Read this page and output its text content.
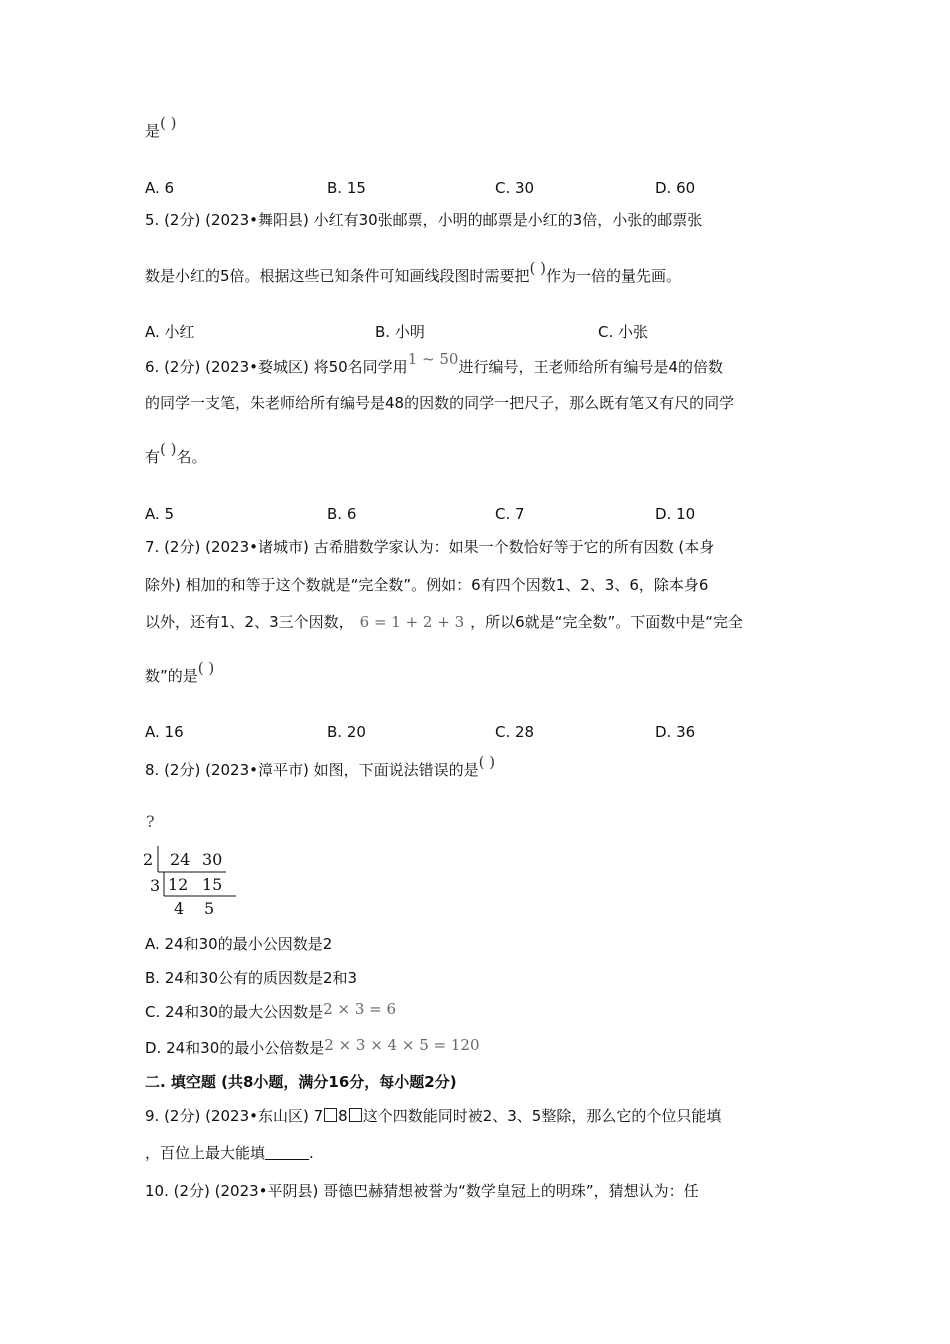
是( )
A. 6	B. 15	C. 30	D. 60
5. (2分) (2023•舞阳县) 小红有30张邮票，小明的邮票是小红的3倍，小张的邮票张
数是小红的5倍。根据这些已知条件可知画线段图时需要把( )作为一倍的量先画。
A. 小红	B. 小明	C. 小张
6. (2分) (2023•婺城区) 将50名同学用1 ~ 50进行编号，王老师给所有编号是4的倍数
的同学一支笔，朱老师给所有编号是48的因数的同学一把尺子，那么既有笔又有尺的同学
有( )名。
A. 5	B. 6	C. 7	D. 10
7. (2分) (2023•诸城市) 古希腊数学家认为：如果一个数恰好等于它的所有因数 (本身
除外) 相加的和等于这个数就是“完全数”。例如：6有四个因数1、2、3、6，除本身6
以外，还有1、2、3三个因数， 6 = 1 + 2 + 3 ，所以6就是“完全数”。下面数中是“完全
数”的是( )
A. 16	B. 20	C. 28	D. 36
8. (2分) (2023•漳平市) 如图，下面说法错误的是( )
?
2 24 30
3 12 15
4 5
A. 24和30的最小公因数是2
B. 24和30公有的质因数是2和3
C. 24和30的最大公因数是2 × 3 = 6
D. 24和30的最小公倍数是2 × 3 × 4 × 5 = 120
二. 填空题 (共8小题，满分16分，每小题2分)
9. (2分) (2023•东山区) 7 8 这个四数能同时被2、3、5整除，那么它的个位只能填
，百位上最大能填	.
10. (2分) (2023•平阴县) 哥德巴赫猜想被誉为“数学皇冠上的明珠”，猜想认为：任
